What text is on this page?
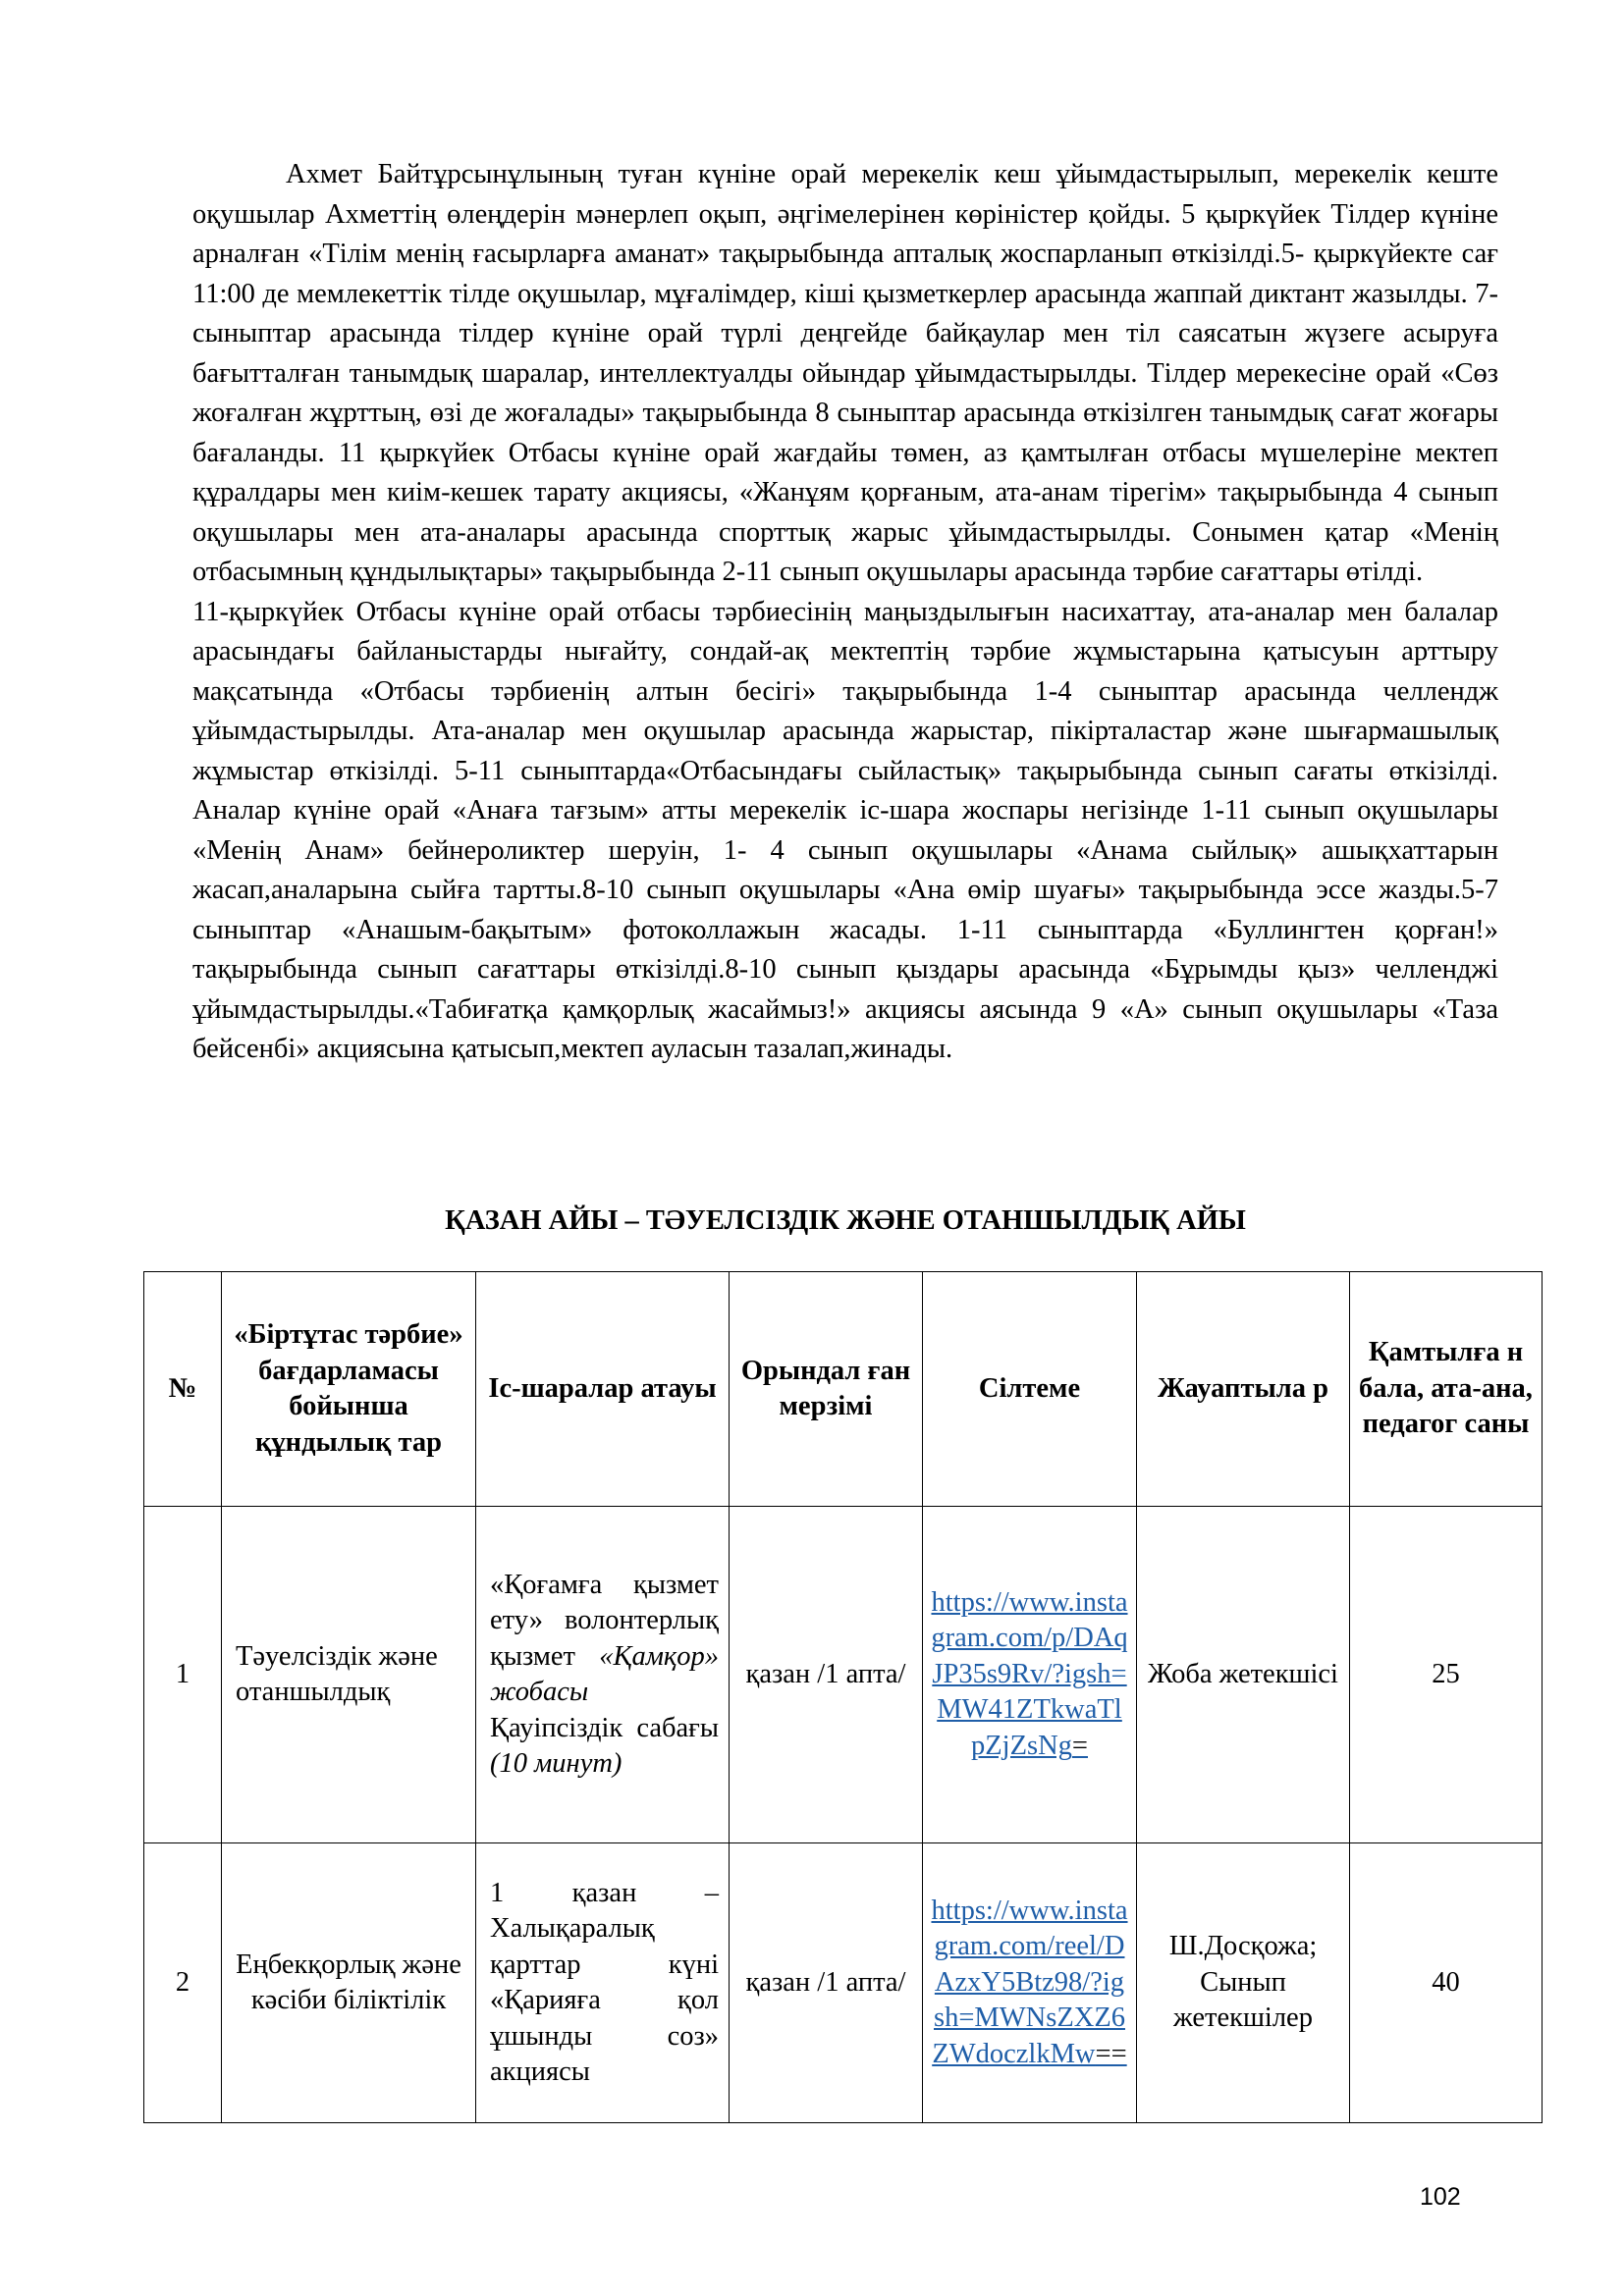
Ахмет Байтұрсынұлының туған күніне орай мерекелік кеш ұйымдастырылып, мерекелік кеште оқушылар Ахметтің өлеңдерін мәнерлеп оқып, әңгімелерінен көріністер қойды. 5 қыркүйек Тілдер күніне арналған «Тілім менің ғасырларға аманат» тақырыбында апталық жоспарланып өткізілді.5- қыркүйекте сағ 11:00 де мемлекеттік тілде оқушылар, мұғалімдер, кіші қызметкерлер арасында жаппай диктант жазылды. 7-сыныптар арасында тілдер күніне орай түрлі деңгейде байқаулар мен тіл саясатын жүзеге асыруға бағытталған танымдық шаралар, интеллектуалды ойындар ұйымдастырылды. Тілдер мерекесіне орай «Сөз жоғалған жұрттың, өзі де жоғалады» тақырыбында 8 сыныптар арасында өткізілген танымдық сағат жоғары бағаланды. 11 қыркүйек Отбасы күніне орай жағдайы төмен, аз қамтылған отбасы мүшелеріне мектеп құралдары мен киім-кешек тарату акциясы, «Жанұям қорғаным, ата-анам тірегім» тақырыбында 4 сынып оқушылары мен ата-аналары арасында спорттық жарыс ұйымдастырылды. Сонымен қатар «Менің отбасымның құндылықтары» тақырыбында 2-11 сынып оқушылары арасында тәрбие сағаттары өтілді.

11-қыркүйек Отбасы күніне орай отбасы тәрбиесінің маңыздылығын насихаттау, ата-аналар мен балалар арасындағы байланыстарды нығайту, сондай-ақ мектептің тәрбие жұмыстарына қатысуын арттыру мақсатында «Отбасы тәрбиенің алтын бесігі» тақырыбында 1-4 сыныптар арасында челлендж ұйымдастырылды. Ата-аналар мен оқушылар арасында жарыстар, пікірталастар және шығармашылық жұмыстар өткізілді. 5-11 сыныптарда«Отбасындағы сыйластық» тақырыбында сынып сағаты өткізілді. Аналар күніне орай «Анаға тағзым» атты мерекелік іс-шара жоспары негізінде 1-11 сынып оқушылары «Менің Анам» бейнероликтер шеруін, 1- 4 сынып оқушылары «Анама сыйлық» ашықхаттарын жасап,аналарына сыйға тартты.8-10 сынып оқушылары «Ана өмір шуағы» тақырыбында эссе жазды.5-7 сыныптар «Анашым-бақытым» фотоколлажын жасады. 1-11 сыныптарда «Буллингтен қорған!» тақырыбында сынып сағаттары өткізілді.8-10 сынып қыздары арасында «Бұрымды қыз» челленджі ұйымдастырылды.«Табиғатқа қамқорлық жасаймыз!» акциясы аясында 9 «А» сынып оқушылары «Таза бейсенбі» акциясына қатысып,мектеп ауласын тазалап,жинады.

ҚАЗАН АЙЫ – ТӘУЕЛСІЗДІК ЖӘНЕ ОТАНШЫЛДЫҚ АЙЫ
№	«Біртұтас тәрбие» бағдарламасы бойынша құндылық тар	Іс-шаралар атауы	Орындал ған мерзімі	Сілтеме	Жауаптыла р	Қамтылға н бала, ата-ана, педагог саны
1	Тәуелсіздік және отаншылдық	«Қоғамға қызмет ету» волонтерлық қызмет «Қамқор» жобасы Қауіпсіздік сабағы (10 минут)	қазан /1 апта/	https://www.instagram.com/p/DAqJP35s9Rv/?igsh=MW41ZTkwaTlpZjZsNg=	Жоба жетекшісі	25
2	Еңбекқорлық және кәсіби біліктілік	1 қазан – Халықаралық қарттар күні «Қарияға қол ұшынды соз» акциясы	қазан /1 апта/	https://www.instagram.com/reel/DAzxY5Btz98/?igsh=MWNsZXZ6ZWdoczlkMw==	Ш.Досқожа; Сынып жетекшілер	40
102
